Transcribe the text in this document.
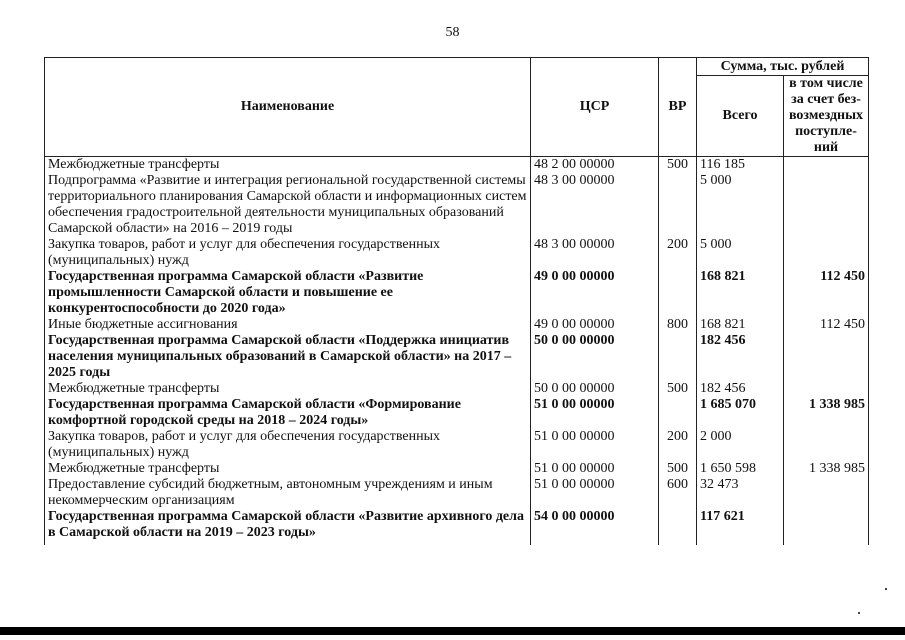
58
Наименование	ЦСР	ВР	Сумма, тыс. рублей	
			Всего	в том числе за счет без-возмездных поступле-ний
Межбюджетные трансферты	48 2 00 00000	500	116 185	
Подпрограмма «Развитие и интеграция региональной государственной системы территориального планирования Самарской области и информационных систем обеспечения градостроительной деятельности муниципальных образований Самарской области» на 2016 – 2019 годы	48 3 00 00000		5 000	
Закупка товаров, работ и услуг для обеспечения государственных (муниципальных) нужд	48 3 00 00000	200	5 000	
Государственная программа Самарской области «Развитие промышленности Самарской области и повышение ее конкурентоспособности до 2020 года»	49 0 00 00000		168 821	112 450
Иные бюджетные ассигнования	49 0 00 00000	800	168 821	112 450
Государственная программа Самарской области «Поддержка инициатив населения муниципальных образований в Самарской области» на 2017 – 2025 годы	50 0 00 00000		182 456	
Межбюджетные трансферты	50 0 00 00000	500	182 456	
Государственная программа Самарской области «Формирование комфортной городской среды на 2018 – 2024 годы»	51 0 00 00000		1 685 070	1 338 985
Закупка товаров, работ и услуг для обеспечения государственных (муниципальных) нужд	51 0 00 00000	200	2 000	
Межбюджетные трансферты	51 0 00 00000	500	1 650 598	1 338 985
Предоставление субсидий бюджетным, автономным учреждениям и иным некоммерческим организациям	51 0 00 00000	600	32 473	
Государственная программа Самарской области «Развитие архивного дела в Самарской области на 2019 – 2023 годы»	54 0 00 00000		117 621	
